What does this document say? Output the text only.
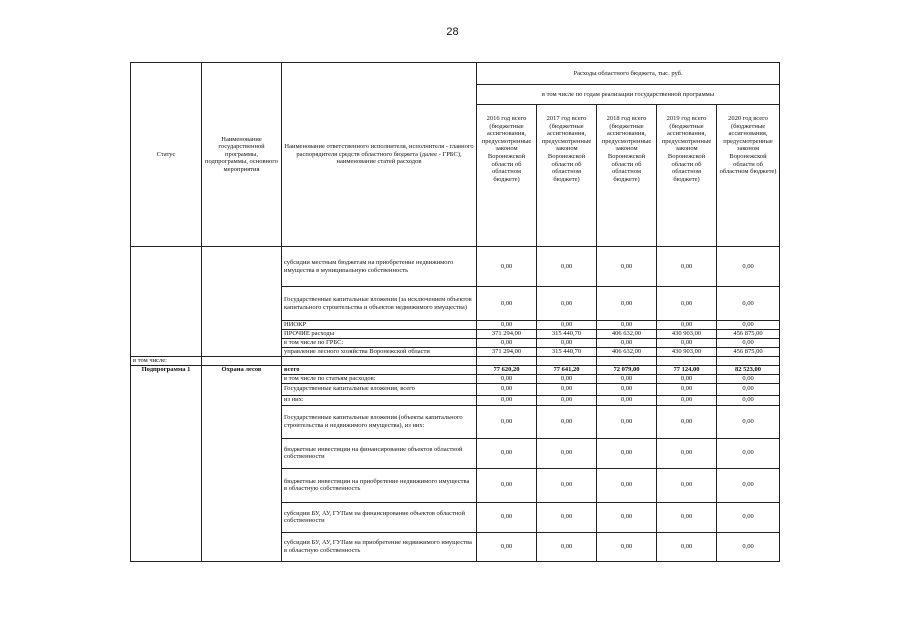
28
Статус	Наименование государственной программы, подпрограммы, основного мероприятия	Наименование ответственного исполнителя, исполнителя - главного распорядителя средств областного бюджета (далее - ГРБС), наименование статей расходов	Расходы областного бюджета, тыс. руб.				
			в том числе по годам реализации государственной программы				
			2016 год всего (бюджетные ассигнования, предусмотренные законом Воронежской области об областном бюджете)	2017 год всего (бюджетные ассигнования, предусмотренные законом Воронежской области об областном бюджете)	2018 год всего (бюджетные ассигнования, предусмотренные законом Воронежской области об областном бюджете)	2019 год всего (бюджетные ассигнования, предусмотренные законом Воронежской области об областном бюджете)	2020 год всего (бюджетные ассигнования, предусмотренные законом Воронежской области об областном бюджете)
		субсидии местным бюджетам на приобретение недвижимого имущества в муниципальную собственность	0,00	0,00	0,00	0,00	0,00
		Государственные капитальные вложения (за исключением объектов капитального строительства и объектов недвижимого имущества)	0,00	0,00	0,00	0,00	0,00
		НИОКР	0,00	0,00	0,00	0,00	0,00
		ПРОЧИЕ расходы	371 294,00	315 440,70	406 632,00	430 903,00	456 875,00
		в том числе по ГРБС:	0,00	0,00	0,00	0,00	0,00
		управление лесного хозяйства Воронежской области	371 294,00	315 440,70	406 632,00	430 903,00	456 875,00
в том числе:							
Подпрограмма 1	Охрана лесов	всего	77 620,20	77 641,20	72 079,00	77 124,00	82 523,00
		в том числе по статьям расходов:	0,00	0,00	0,00	0,00	0,00
		Государственные капитальные вложения, всего	0,00	0,00	0,00	0,00	0,00
		из них:	0,00	0,00	0,00	0,00	0,00
		Государственные капитальные вложения (объекты капитального строительства и недвижимого имущества), из них:	0,00	0,00	0,00	0,00	0,00
		бюджетные инвестиции на финансирование объектов областной собственности	0,00	0,00	0,00	0,00	0,00
		бюджетные инвестиции на приобретение недвижимого имущества в областную собственность	0,00	0,00	0,00	0,00	0,00
		субсидии БУ, АУ, ГУПам на финансирование объектов областной собственности	0,00	0,00	0,00	0,00	0,00
		субсидии БУ, АУ, ГУПам на приобретение недвижимого имущества в областную собственность	0,00	0,00	0,00	0,00	0,00
